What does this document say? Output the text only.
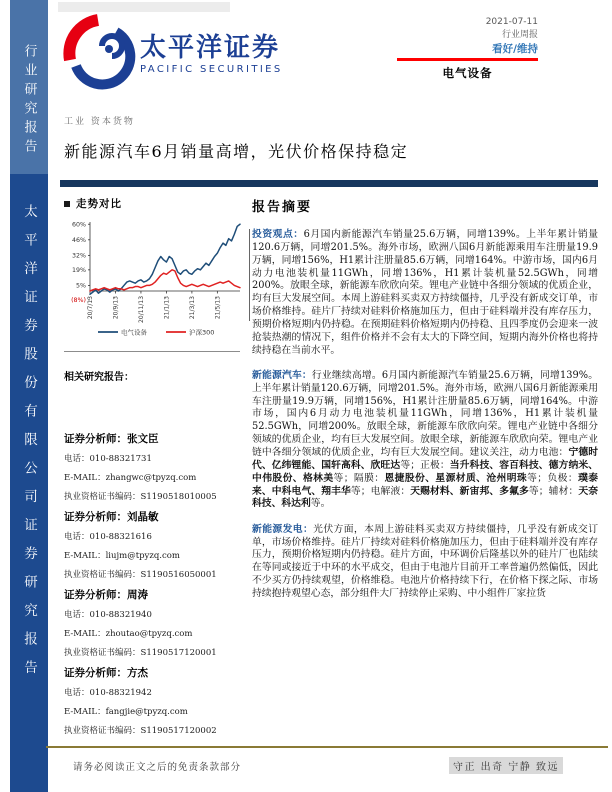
行业研究报告
太平洋证券股份有限公司证券研究报告
太平洋证券
PACIFIC SECURITIES
2021-07-11
行业周报
看好/维持
电气设备
工业 资本货物
新能源汽车6月销量高增，光伏价格保持稳定
走势对比
60%
46%
32%
19%
5%
(8%) 20/7/13	20/9/13	20/11/13	21/1/13	21/3/13	21/5/13
电气设备	沪深300
相关研究报告：

证券分析师：张文臣

电话：010-88321731

E-MAIL：zhangwc@tpyzq.com

执业资格证书编码：S1190518010005

证券分析师：刘晶敏

电话：010-88321616

E-MAIL：liujm@tpyzq.com

执业资格证书编码：S1190516050001

证券分析师：周涛

电话：010-88321940

E-MAIL：zhoutao@tpyzq.com

执业资格证书编码：S1190517120001

证券分析师：方杰

电话：010-88321942

E-MAIL：fangjie@tpyzq.com

执业资格证书编码：S1190517120002

报告摘要

投资观点：6月国内新能源汽车销量25.6万辆，同增139%。上半年累计销量120.6万辆，同增201.5%。海外市场，欧洲八国6月新能源乘用车注册量19.9万辆，同增156%，H1累计注册量85.6万辆，同增164%。中游市场，国内6月动力电池装机量11GWh，同增136%，H1累计装机量52.5GWh，同增200%。放眼全球，新能源车欣欣向荣。锂电产业链中各细分领域的优质企业，均有巨大发展空间。本周上游硅料买卖双方持续僵持，几乎没有新成交订单，市场价格维持。硅片厂持续对硅料价格施加压力，但由于硅料端并没有库存压力，预期价格短期内仍持稳。在预期硅料价格短期内仍持稳、且四季度仍会迎来一波抢装热潮的情况下，组件价格并不会有太大的下降空间，短期内海外价格也将持续持稳在当前水平。

新能源汽车：行业继续高增。6月国内新能源汽车销量25.6万辆，同增139%。上半年累计销量120.6万辆，同增201.5%。海外市场，欧洲八国6月新能源乘用车注册量19.9万辆，同增156%，H1累计注册量85.6万辆，同增164%。中游市场，国内6月动力电池装机量11GWh，同增136%，H1累计装机量52.5GWh，同增200%。放眼全球，新能源车欣欣向荣。锂电产业链中各细分领域的优质企业，均有巨大发展空间。放眼全球，新能源车欣欣向荣。锂电产业链中各细分领域的优质企业，均有巨大发展空间。建议关注，动力电池：宁德时代、亿纬锂能、国轩高科、欣旺达等；正极：当升科技、容百科技、德方纳米、中伟股份、格林美等；隔膜：恩捷股份、星源材质、沧州明珠等；负极：璞泰来、中科电气、翔丰华等；电解液：天赐材料、新宙邦、多氟多等；辅材：天奈科技、科达利等。

新能源发电：光伏方面，本周上游硅料买卖双方持续僵持，几乎没有新成交订单，市场价格维持。硅片厂持续对硅料价格施加压力，但由于硅料端并没有库存压力，预期价格短期内仍持稳。硅片方面，中环调价后隆基以外的硅片厂也陆续在等同或接近于中环的水平成交，但由于电池片目前开工率普遍仍然偏低，因此不少买方仍持续观望，价格维稳。电池片价格持续下行，在价格下探之际、市场持续抱持观望心态，部分组件大厂持续停止采购、中小组件厂家拉货

请务必阅读正文之后的免责条款部分	守正 出奇 宁静 致远
